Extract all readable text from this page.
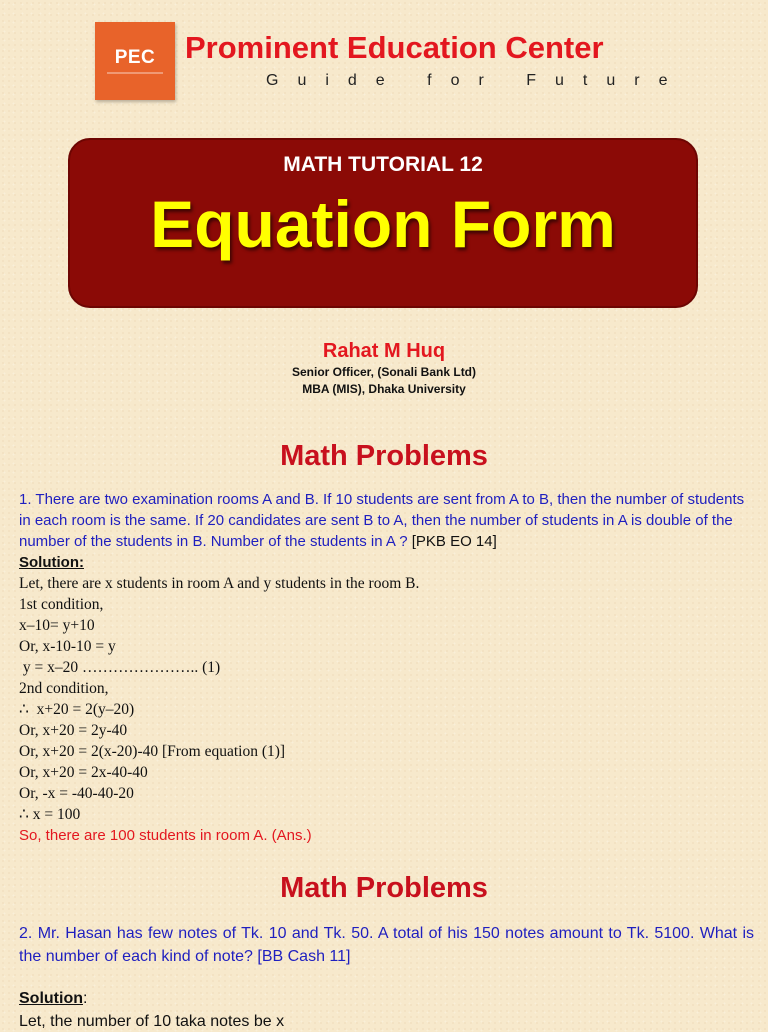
PEC Prominent Education Center
Guide for Future
MATH TUTORIAL 12
Equation Form
Rahat M Huq
Senior Officer, (Sonali Bank Ltd)
MBA (MIS), Dhaka University
Math Problems
1. There are two examination rooms A and B. If 10 students are sent from A to B, then the number of students in each room is the same. If 20 candidates are sent B to A, then the number of students in A is double of the number of the students in B. Number of the students in A ? [PKB EO 14]
Solution:
Let, there are x students in room A and y students in the room B.
1st condition,
x–10= y+10
Or, x-10-10 = y
y = x–20 ………………….. (1)
2nd condition,
∴  x+20 = 2(y–20)
Or, x+20 = 2y-40
Or, x+20 = 2(x-20)-40 [From equation (1)]
Or, x+20 = 2x-40-40
Or, -x = -40-40-20
∴ x = 100
So, there are 100 students in room A. (Ans.)
Math Problems
2. Mr. Hasan has few notes of Tk. 10 and Tk. 50. A total of his 150 notes amount to Tk. 5100. What is the number of each kind of note? [BB Cash 11]
Solution:
Let, the number of 10 taka notes be x
